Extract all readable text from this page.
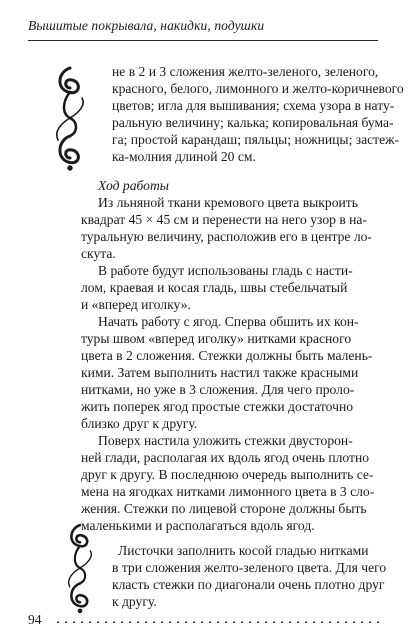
Вышитые покрывала, накидки, подушки
не в 2 и 3 сложения желто-зеленого, зеленого,
красного, белого, лимонного и желто-коричневого
цветов; игла для вышивания; схема узора в нату-
ральную величину; калька; копировальная бума-
га; простой карандаш; пяльцы; ножницы; застеж-
ка-молния длиной 20 см.
Ход работы
Из льняной ткани кремового цвета выкроить
квадрат 45 × 45 см и перенести на него узор в на-
туральную величину, расположив его в центре ло-
скута.
В работе будут использованы гладь с насти-
лом, краевая и косая гладь, швы стебельчатый
и «вперед иголку».
Начать работу с ягод. Сперва обшить их кон-
туры швом «вперед иголку» нитками красного
цвета в 2 сложения. Стежки должны быть малень-
кими. Затем выполнить настил также красными
нитками, но уже в 3 сложения. Для чего проло-
жить поперек ягод простые стежки достаточно
близко друг к другу.
Поверх настила уложить стежки двусторон-
ней глади, располагая их вдоль ягод очень плотно
друг к другу. В последнюю очередь выполнить се-
мена на ягодках нитками лимонного цвета в 3 сло-
жения. Стежки по лицевой стороне должны быть
маленькими и располагаться вдоль ягод.
Листочки заполнить косой гладью нитками
в три сложения желто-зеленого цвета. Для чего
класть стежки по диагонали очень плотно друг
к другу.
94
